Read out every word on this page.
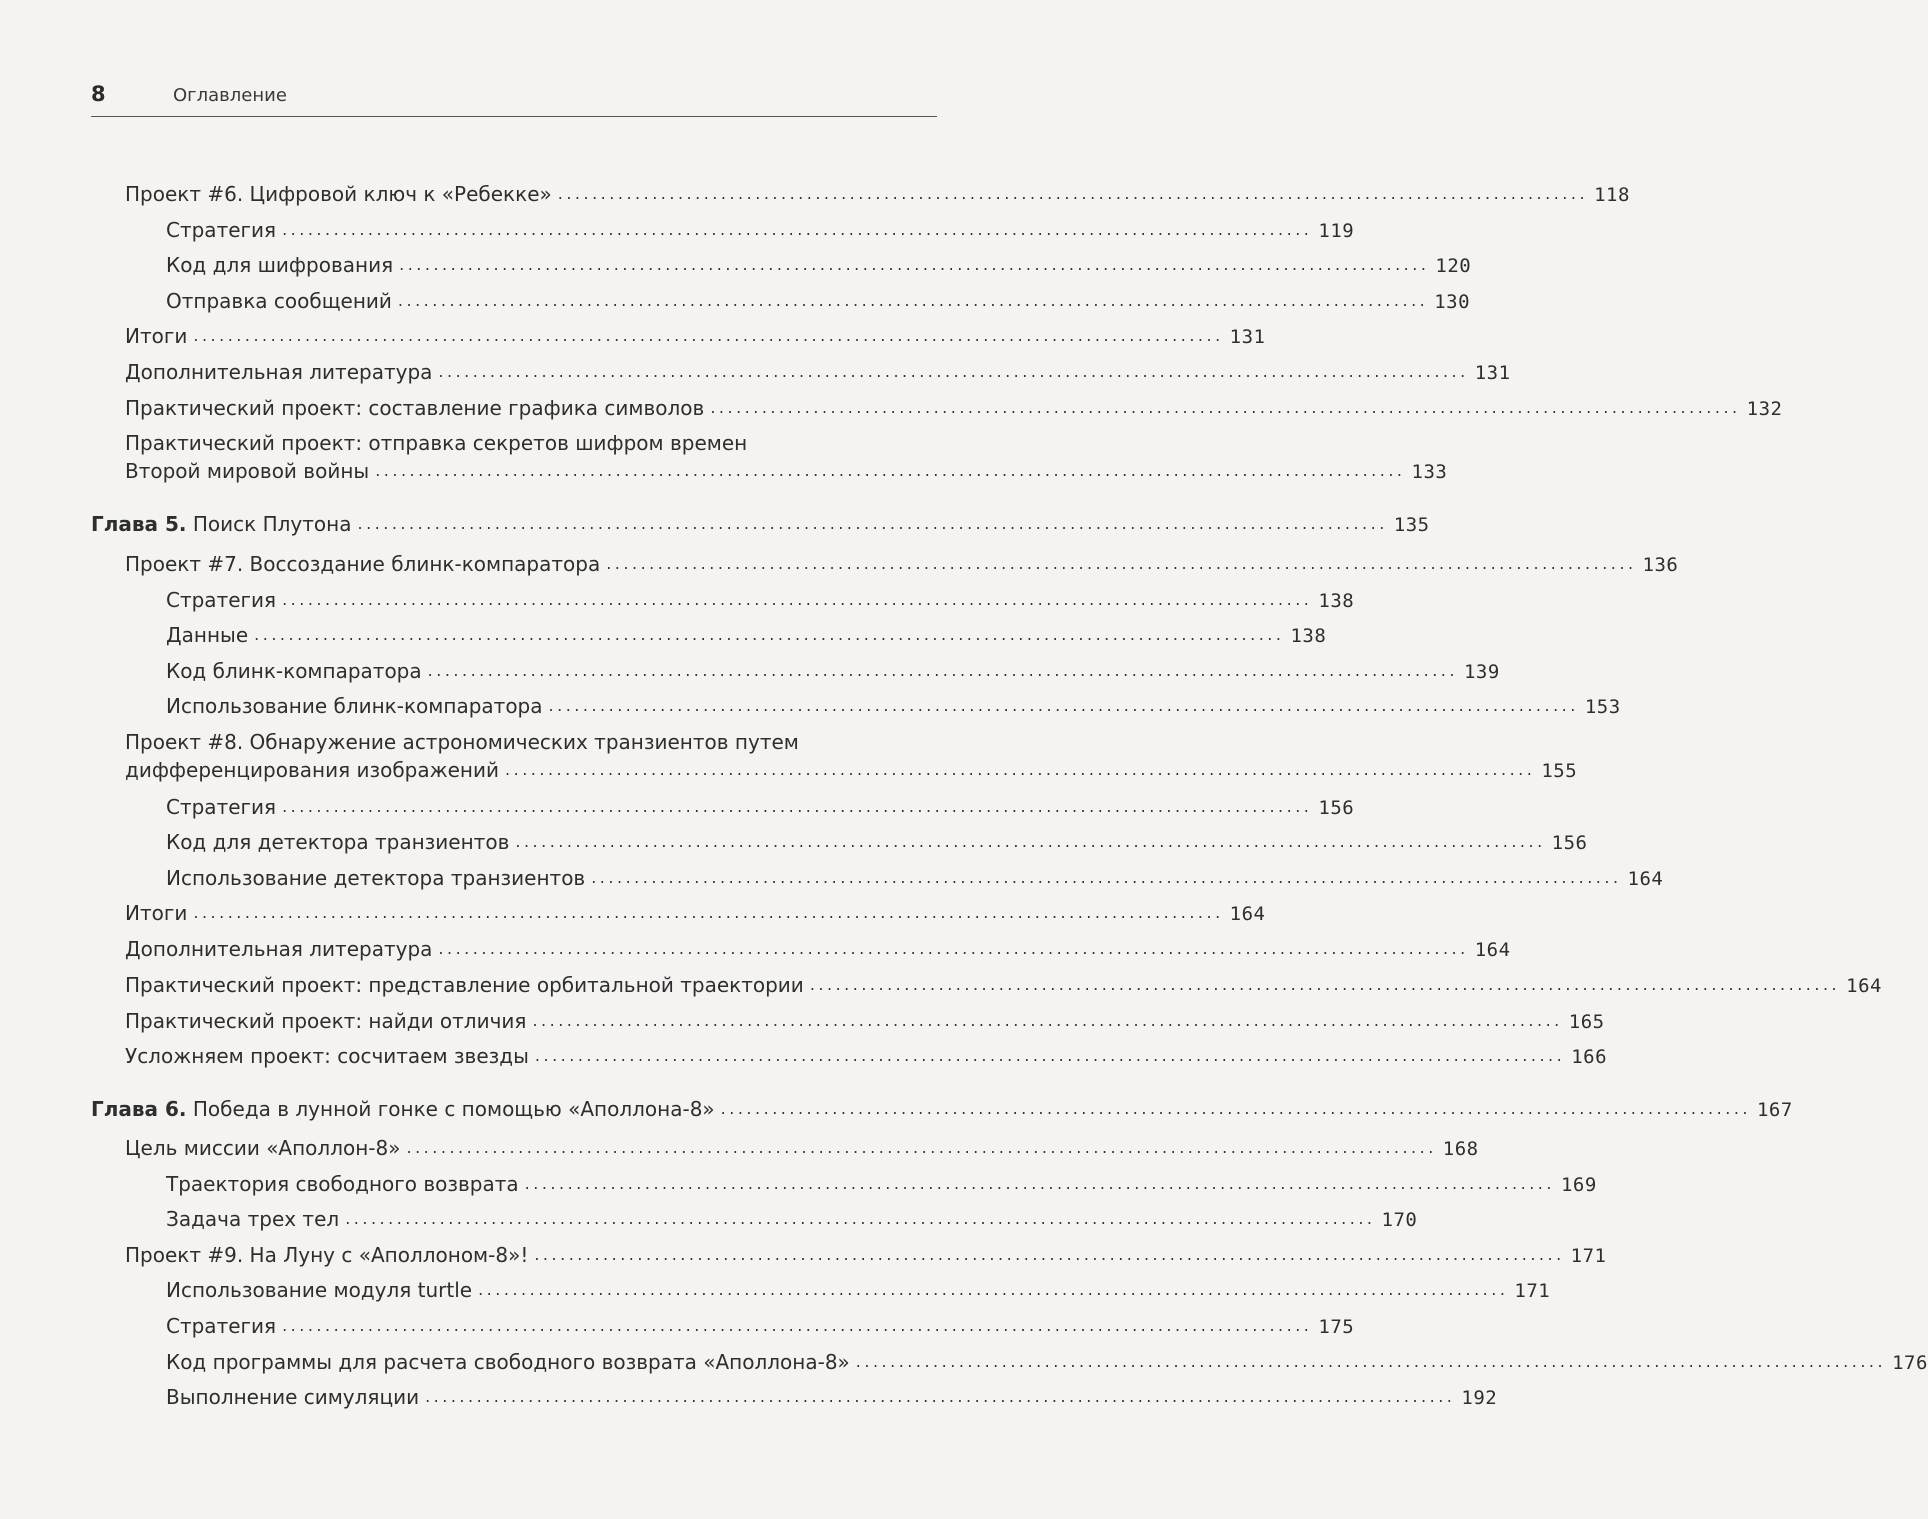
8	Оглавление
Проект #6. Цифровой ключ к «Ребекке» ........................................................................................................................ 118
Стратегия ........................................................................................................................ 119
Код для шифрования ........................................................................................................................ 120
Отправка сообщений ........................................................................................................................ 130
Итоги ........................................................................................................................ 131
Дополнительная литература ........................................................................................................................ 131
Практический проект: составление графика символов ........................................................................................................................ 132
Практический проект: отправка секретов шифром времен
Второй мировой войны ........................................................................................................................ 133
Глава 5. Поиск Плутона ........................................................................................................................ 135
Проект #7. Воссоздание блинк-компаратора ........................................................................................................................ 136
Стратегия ........................................................................................................................ 138
Данные ........................................................................................................................ 138
Код блинк-компаратора ........................................................................................................................ 139
Использование блинк-компаратора ........................................................................................................................ 153
Проект #8. Обнаружение астрономических транзиентов путем
дифференцирования изображений ........................................................................................................................ 155
Стратегия ........................................................................................................................ 156
Код для детектора транзиентов ........................................................................................................................ 156
Использование детектора транзиентов ........................................................................................................................ 164
Итоги ........................................................................................................................ 164
Дополнительная литература ........................................................................................................................ 164
Практический проект: представление орбитальной траектории ........................................................................................................................ 164
Практический проект: найди отличия ........................................................................................................................ 165
Усложняем проект: сосчитаем звезды ........................................................................................................................ 166
Глава 6. Победа в лунной гонке с помощью «Аполлона-8» ........................................................................................................................ 167
Цель миссии «Аполлон-8» ........................................................................................................................ 168
Траектория свободного возврата ........................................................................................................................ 169
Задача трех тел ........................................................................................................................ 170
Проект #9. На Луну с «Аполлоном-8»! ........................................................................................................................ 171
Использование модуля turtle ........................................................................................................................ 171
Стратегия ........................................................................................................................ 175
Код программы для расчета свободного возврата «Аполлона-8» ........................................................................................................................ 176
Выполнение симуляции ........................................................................................................................ 192
